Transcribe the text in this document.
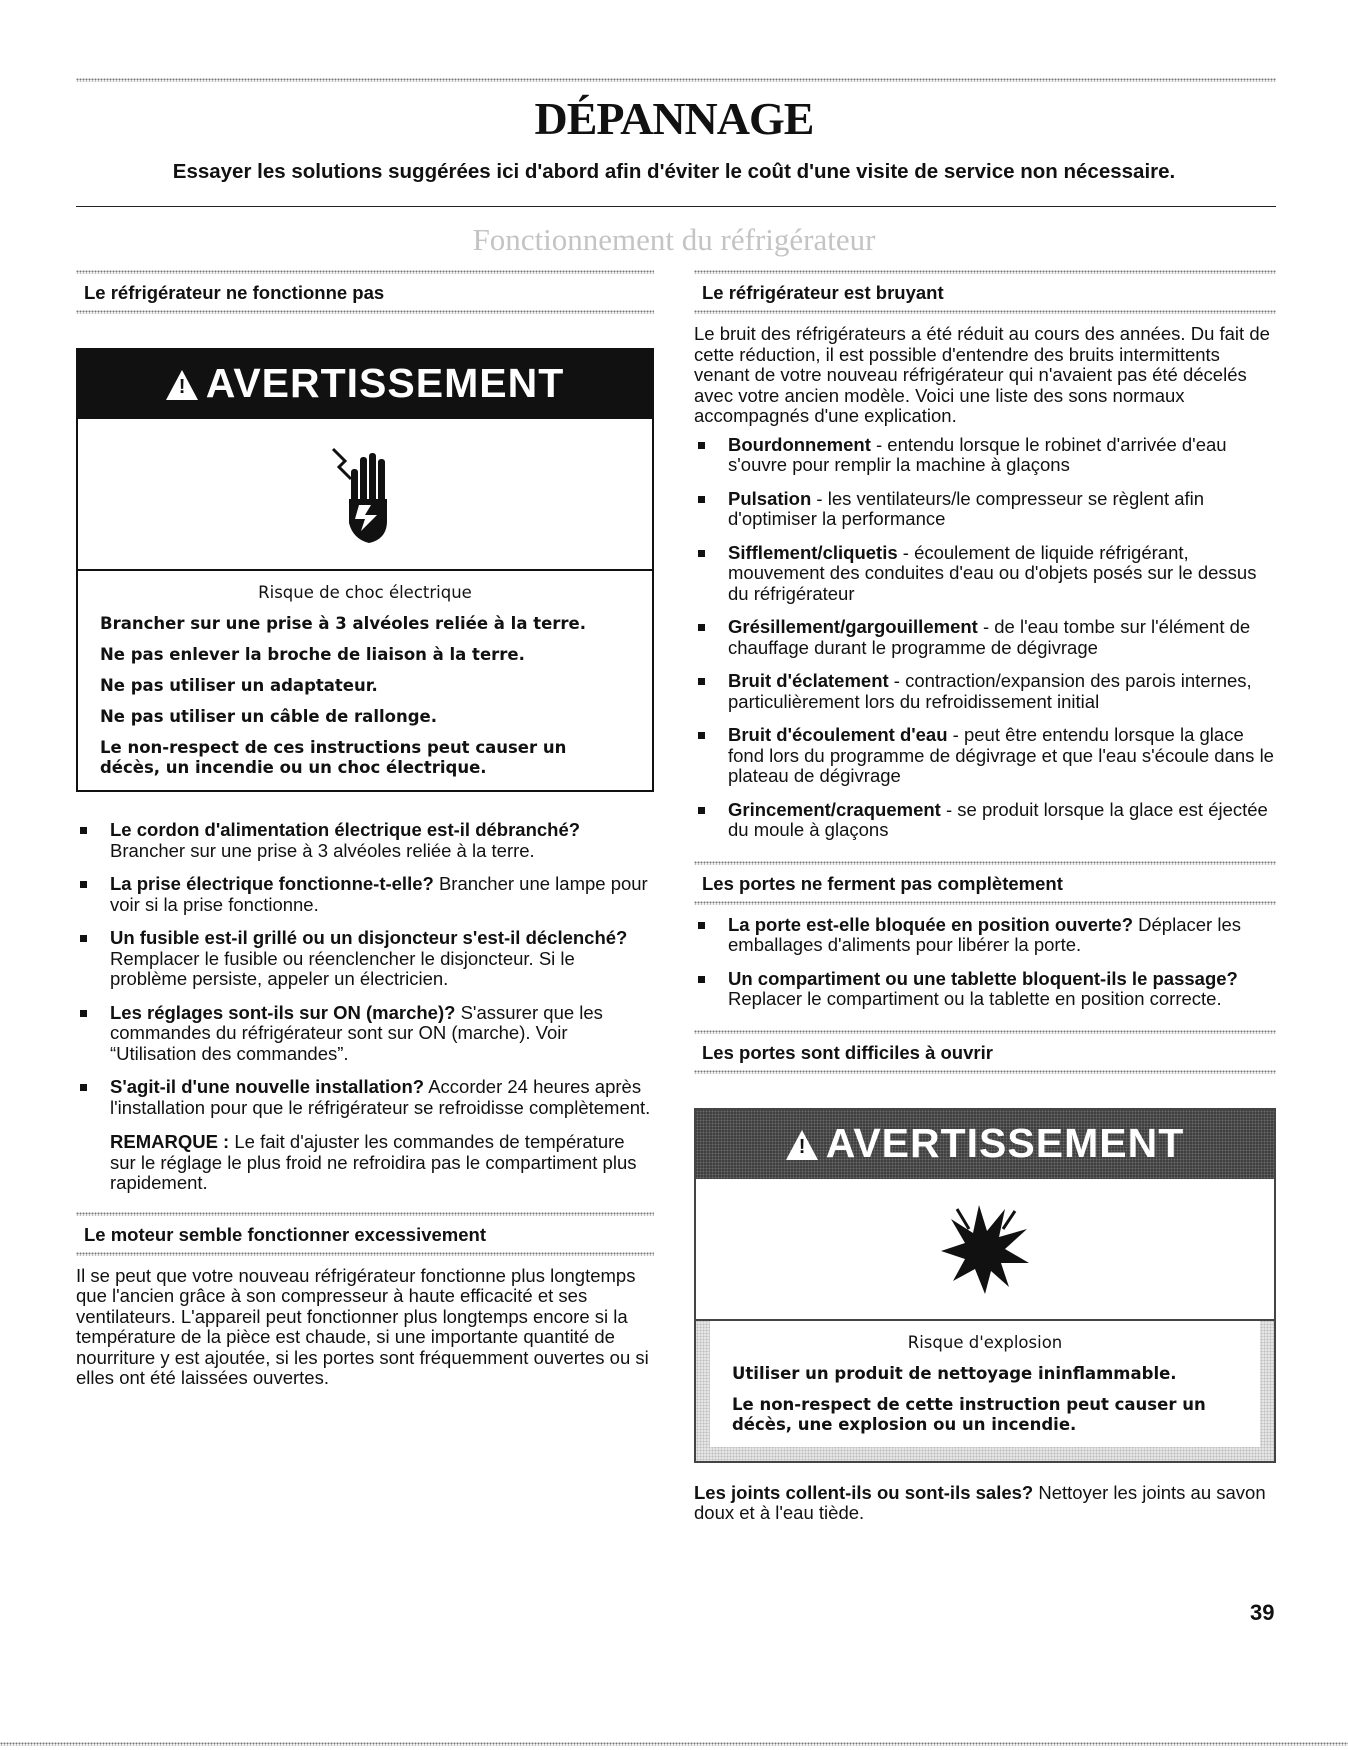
DÉPANNAGE
Essayer les solutions suggérées ici d'abord afin d'éviter le coût d'une visite de service non nécessaire.
Fonctionnement du réfrigérateur
Le réfrigérateur ne fonctionne pas
!AVERTISSEMENT
Risque de choc électrique
Brancher sur une prise à 3 alvéoles reliée à la terre.
Ne pas enlever la broche de liaison à la terre.
Ne pas utiliser un adaptateur.
Ne pas utiliser un câble de rallonge.
Le non-respect de ces instructions peut causer un décès, un incendie ou un choc électrique.
Le cordon d'alimentation électrique est-il débranché? Brancher sur une prise à 3 alvéoles reliée à la terre.
La prise électrique fonctionne-t-elle? Brancher une lampe pour voir si la prise fonctionne.
Un fusible est-il grillé ou un disjoncteur s'est-il déclenché? Remplacer le fusible ou réenclencher le disjoncteur. Si le problème persiste, appeler un électricien.
Les réglages sont-ils sur ON (marche)? S'assurer que les commandes du réfrigérateur sont sur ON (marche). Voir “Utilisation des commandes”.
S'agit-il d'une nouvelle installation? Accorder 24 heures après l'installation pour que le réfrigérateur se refroidisse complètement.

REMARQUE : Le fait d'ajuster les commandes de température sur le réglage le plus froid ne refroidira pas le compartiment plus rapidement.

Le moteur semble fonctionner excessivement

Il se peut que votre nouveau réfrigérateur fonctionne plus longtemps que l'ancien grâce à son compresseur à haute efficacité et ses ventilateurs. L'appareil peut fonctionner plus longtemps encore si la température de la pièce est chaude, si une importante quantité de nourriture y est ajoutée, si les portes sont fréquemment ouvertes ou si elles ont été laissées ouvertes.

Le réfrigérateur est bruyant

Le bruit des réfrigérateurs a été réduit au cours des années. Du fait de cette réduction, il est possible d'entendre des bruits intermittents venant de votre nouveau réfrigérateur qui n'avaient pas été décelés avec votre ancien modèle. Voici une liste des sons normaux accompagnés d'une explication.

Bourdonnement - entendu lorsque le robinet d'arrivée d'eau s'ouvre pour remplir la machine à glaçons
Pulsation - les ventilateurs/le compresseur se règlent afin d'optimiser la performance
Sifflement/cliquetis - écoulement de liquide réfrigérant, mouvement des conduites d'eau ou d'objets posés sur le dessus du réfrigérateur
Grésillement/gargouillement - de l'eau tombe sur l'élément de chauffage durant le programme de dégivrage
Bruit d'éclatement - contraction/expansion des parois internes, particulièrement lors du refroidissement initial
Bruit d'écoulement d'eau - peut être entendu lorsque la glace fond lors du programme de dégivrage et que l'eau s'écoule dans le plateau de dégivrage
Grincement/craquement - se produit lorsque la glace est éjectée du moule à glaçons
Les portes ne ferment pas complètement
La porte est-elle bloquée en position ouverte? Déplacer les emballages d'aliments pour libérer la porte.
Un compartiment ou une tablette bloquent-ils le passage? Replacer le compartiment ou la tablette en position correcte.
Les portes sont difficiles à ouvrir
!AVERTISSEMENT
Risque d'explosion
Utiliser un produit de nettoyage ininflammable.
Le non-respect de cette instruction peut causer un décès, une explosion ou un incendie.

Les joints collent-ils ou sont-ils sales? Nettoyer les joints au savon doux et à l'eau tiède.

39
